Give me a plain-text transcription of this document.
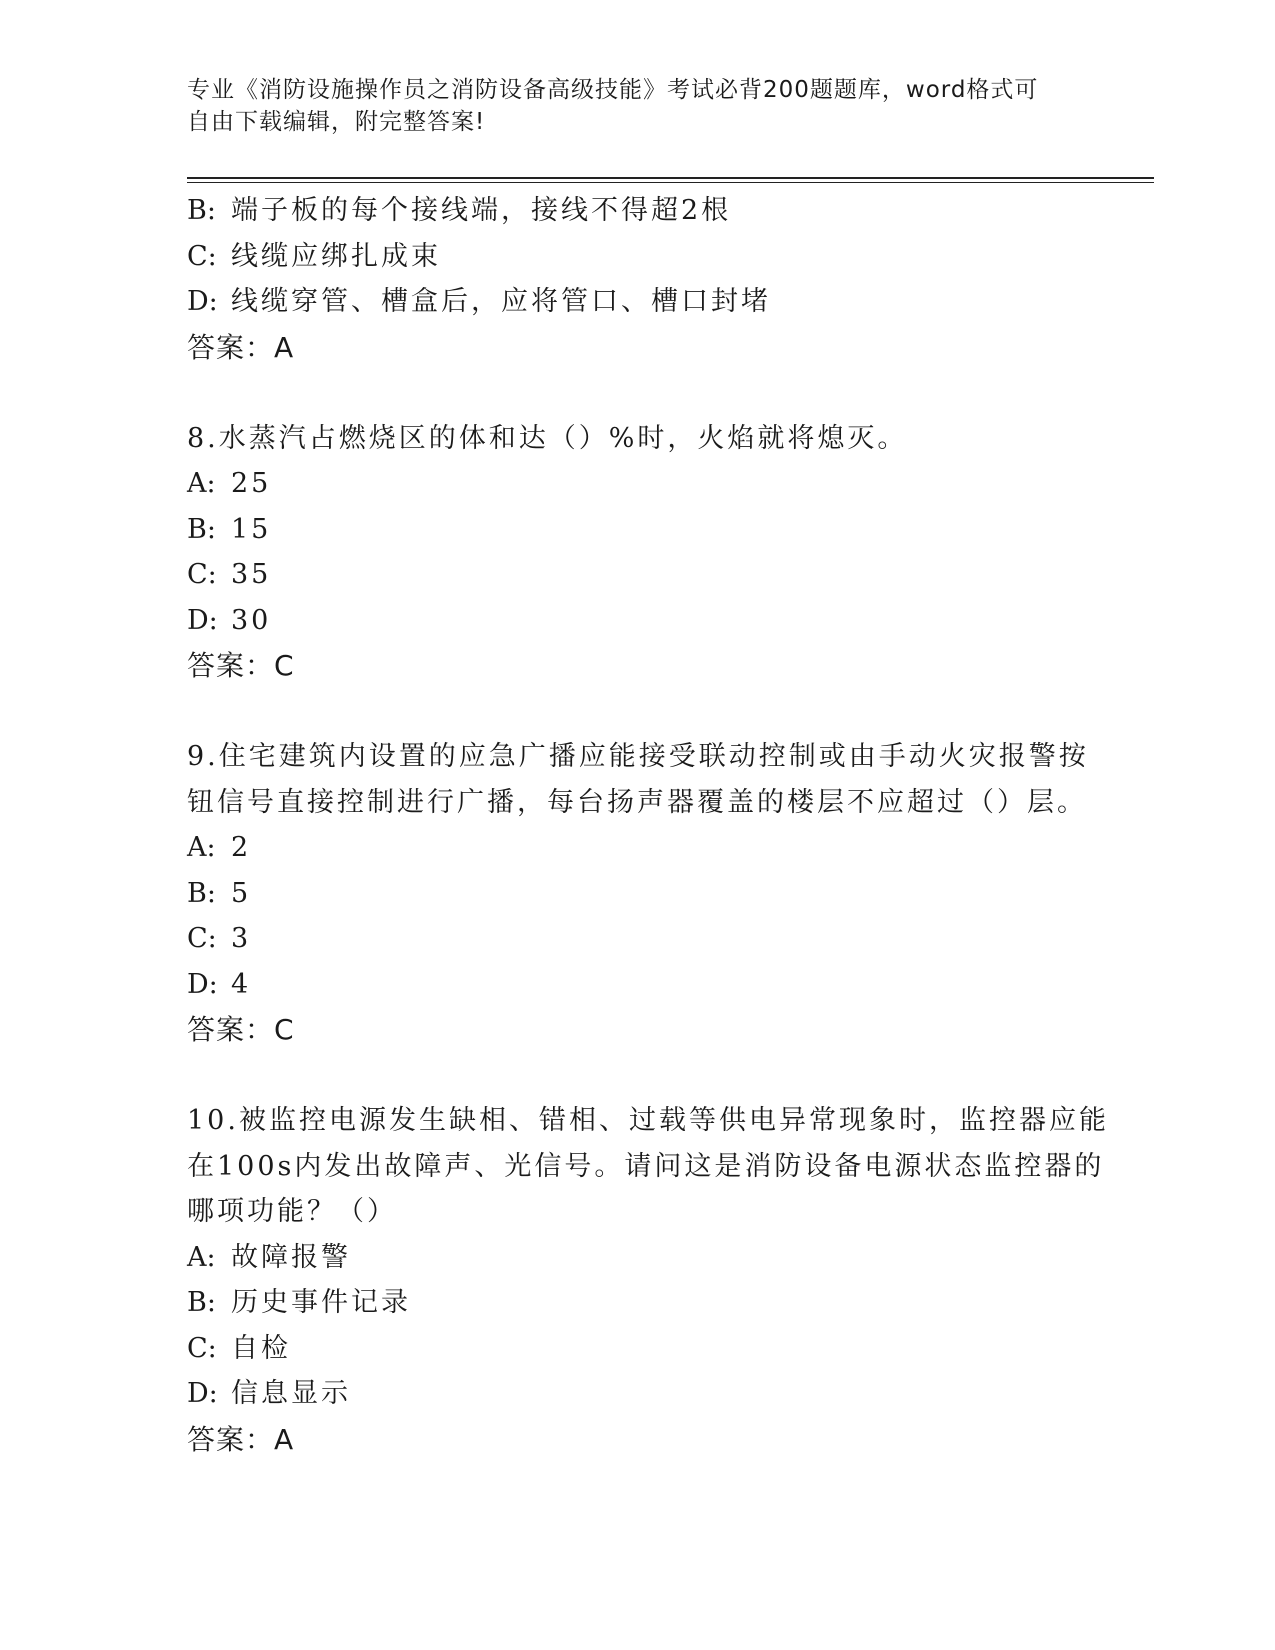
专业《消防设施操作员之消防设备高级技能》考试必背200题题库，word格式可
自由下载编辑，附完整答案!
B: 端子板的每个接线端，接线不得超2根
C: 线缆应绑扎成束
D: 线缆穿管、槽盒后，应将管口、槽口封堵
答案：A
8.水蒸汽占燃烧区的体和达（）%时，火焰就将熄灭。
A: 25
B: 15
C: 35
D: 30
答案：C
9.住宅建筑内设置的应急广播应能接受联动控制或由手动火灾报警按
钮信号直接控制进行广播，每台扬声器覆盖的楼层不应超过（）层。
A: 2
B: 5
C: 3
D: 4
答案：C
10.被监控电源发生缺相、错相、过载等供电异常现象时，监控器应能
在100s内发出故障声、光信号。请问这是消防设备电源状态监控器的
哪项功能？（）
A: 故障报警
B: 历史事件记录
C: 自检
D: 信息显示
答案：A
